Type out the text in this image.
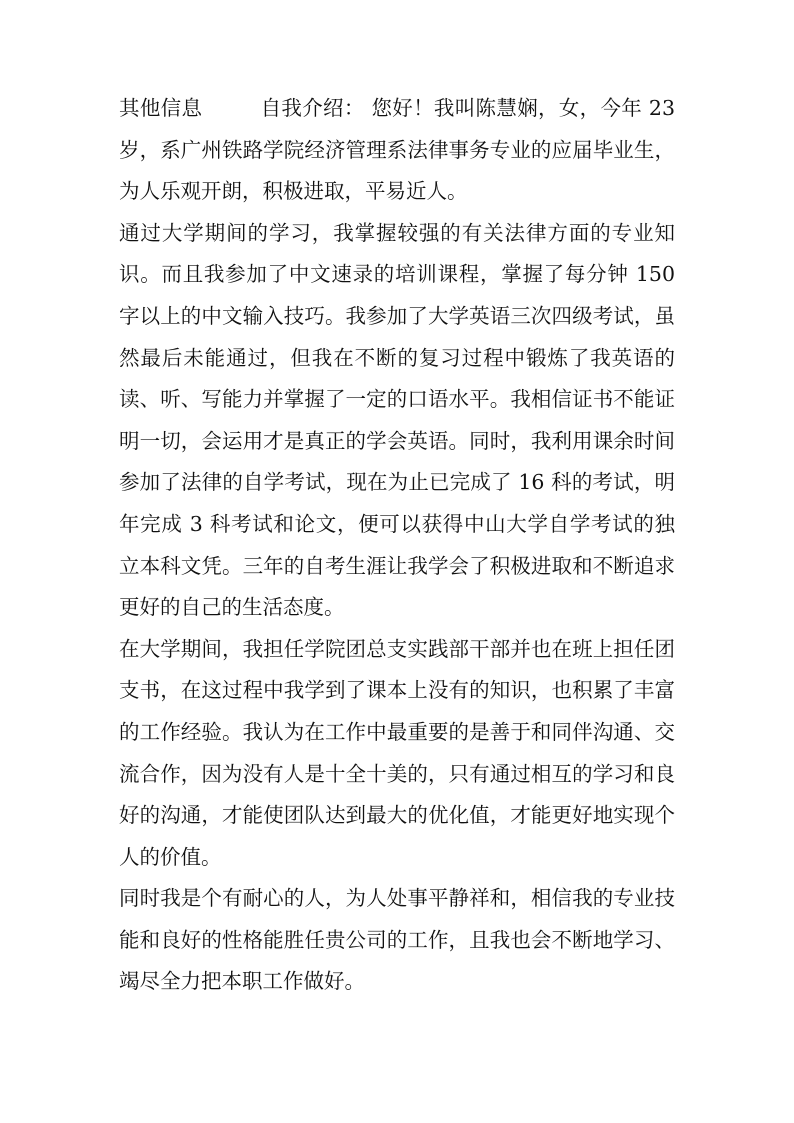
其他信息	自我介绍： 您好！我叫陈慧娴，女，今年 23 岁，系广州铁路学院经济管理系法律事务专业的应届毕业生，为人乐观开朗，积极进取，平易近人。

通过大学期间的学习，我掌握较强的有关法律方面的专业知识。而且我参加了中文速录的培训课程，掌握了每分钟 150 字以上的中文输入技巧。我参加了大学英语三次四级考试，虽然最后未能通过，但我在不断的复习过程中锻炼了我英语的读、听、写能力并掌握了一定的口语水平。我相信证书不能证明一切，会运用才是真正的学会英语。同时，我利用课余时间参加了法律的自学考试，现在为止已完成了 16 科的考试，明年完成 3 科考试和论文，便可以获得中山大学自学考试的独立本科文凭。三年的自考生涯让我学会了积极进取和不断追求更好的自己的生活态度。

在大学期间，我担任学院团总支实践部干部并也在班上担任团支书，在这过程中我学到了课本上没有的知识，也积累了丰富的工作经验。我认为在工作中最重要的是善于和同伴沟通、交流合作，因为没有人是十全十美的，只有通过相互的学习和良好的沟通，才能使团队达到最大的优化值，才能更好地实现个人的价值。

同时我是个有耐心的人，为人处事平静祥和，相信我的专业技能和良好的性格能胜任贵公司的工作，且我也会不断地学习、竭尽全力把本职工作做好。
